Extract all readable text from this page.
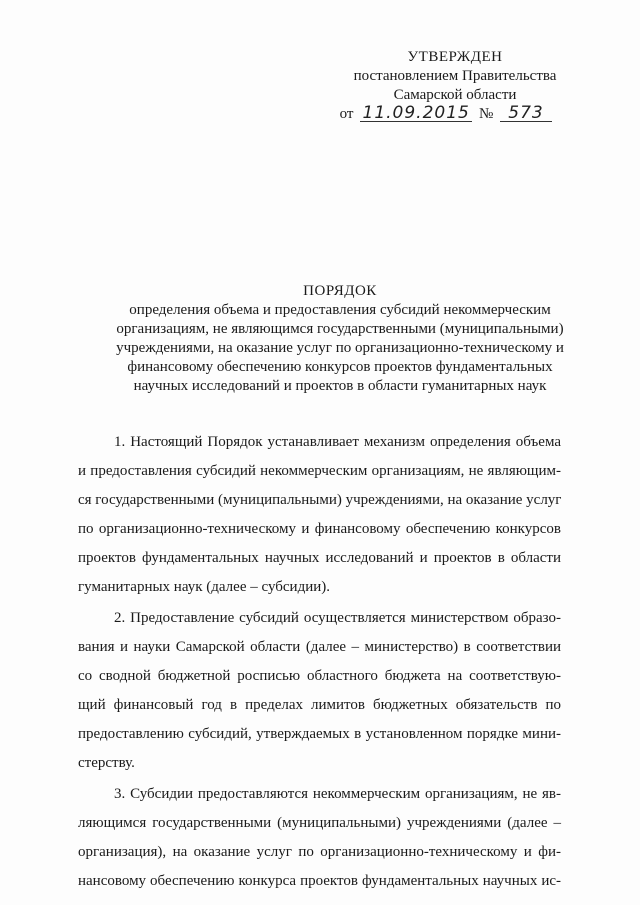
УТВЕРЖДЕН
постановлением Правительства
Самарской области
от 11.09.2015 № 573
ПОРЯДОК
определения объема и предоставления субсидий некоммерческим
организациям, не являющимся государственными (муниципальными)
учреждениями, на оказание услуг по организационно-техническому и
финансовому обеспечению конкурсов проектов фундаментальных
научных исследований и проектов в области гуманитарных наук
1. Настоящий Порядок устанавливает механизм определения объема
и предоставления субсидий некоммерческим организациям, не являющим-
ся государственными (муниципальными) учреждениями, на оказание услуг
по организационно-техническому и финансовому обеспечению конкурсов
проектов фундаментальных научных исследований и проектов в области
гуманитарных наук (далее – субсидии).
2. Предоставление субсидий осуществляется министерством образо-
вания и науки Самарской области (далее – министерство) в соответствии
со сводной бюджетной росписью областного бюджета на соответствую-
щий финансовый год в пределах лимитов бюджетных обязательств по
предоставлению субсидий, утверждаемых в установленном порядке мини-
стерству.
3. Субсидии предоставляются некоммерческим организациям, не яв-
ляющимся государственными (муниципальными) учреждениями (далее –
организация), на оказание услуг по организационно-техническому и фи-
нансовому обеспечению конкурса проектов фундаментальных научных ис-
